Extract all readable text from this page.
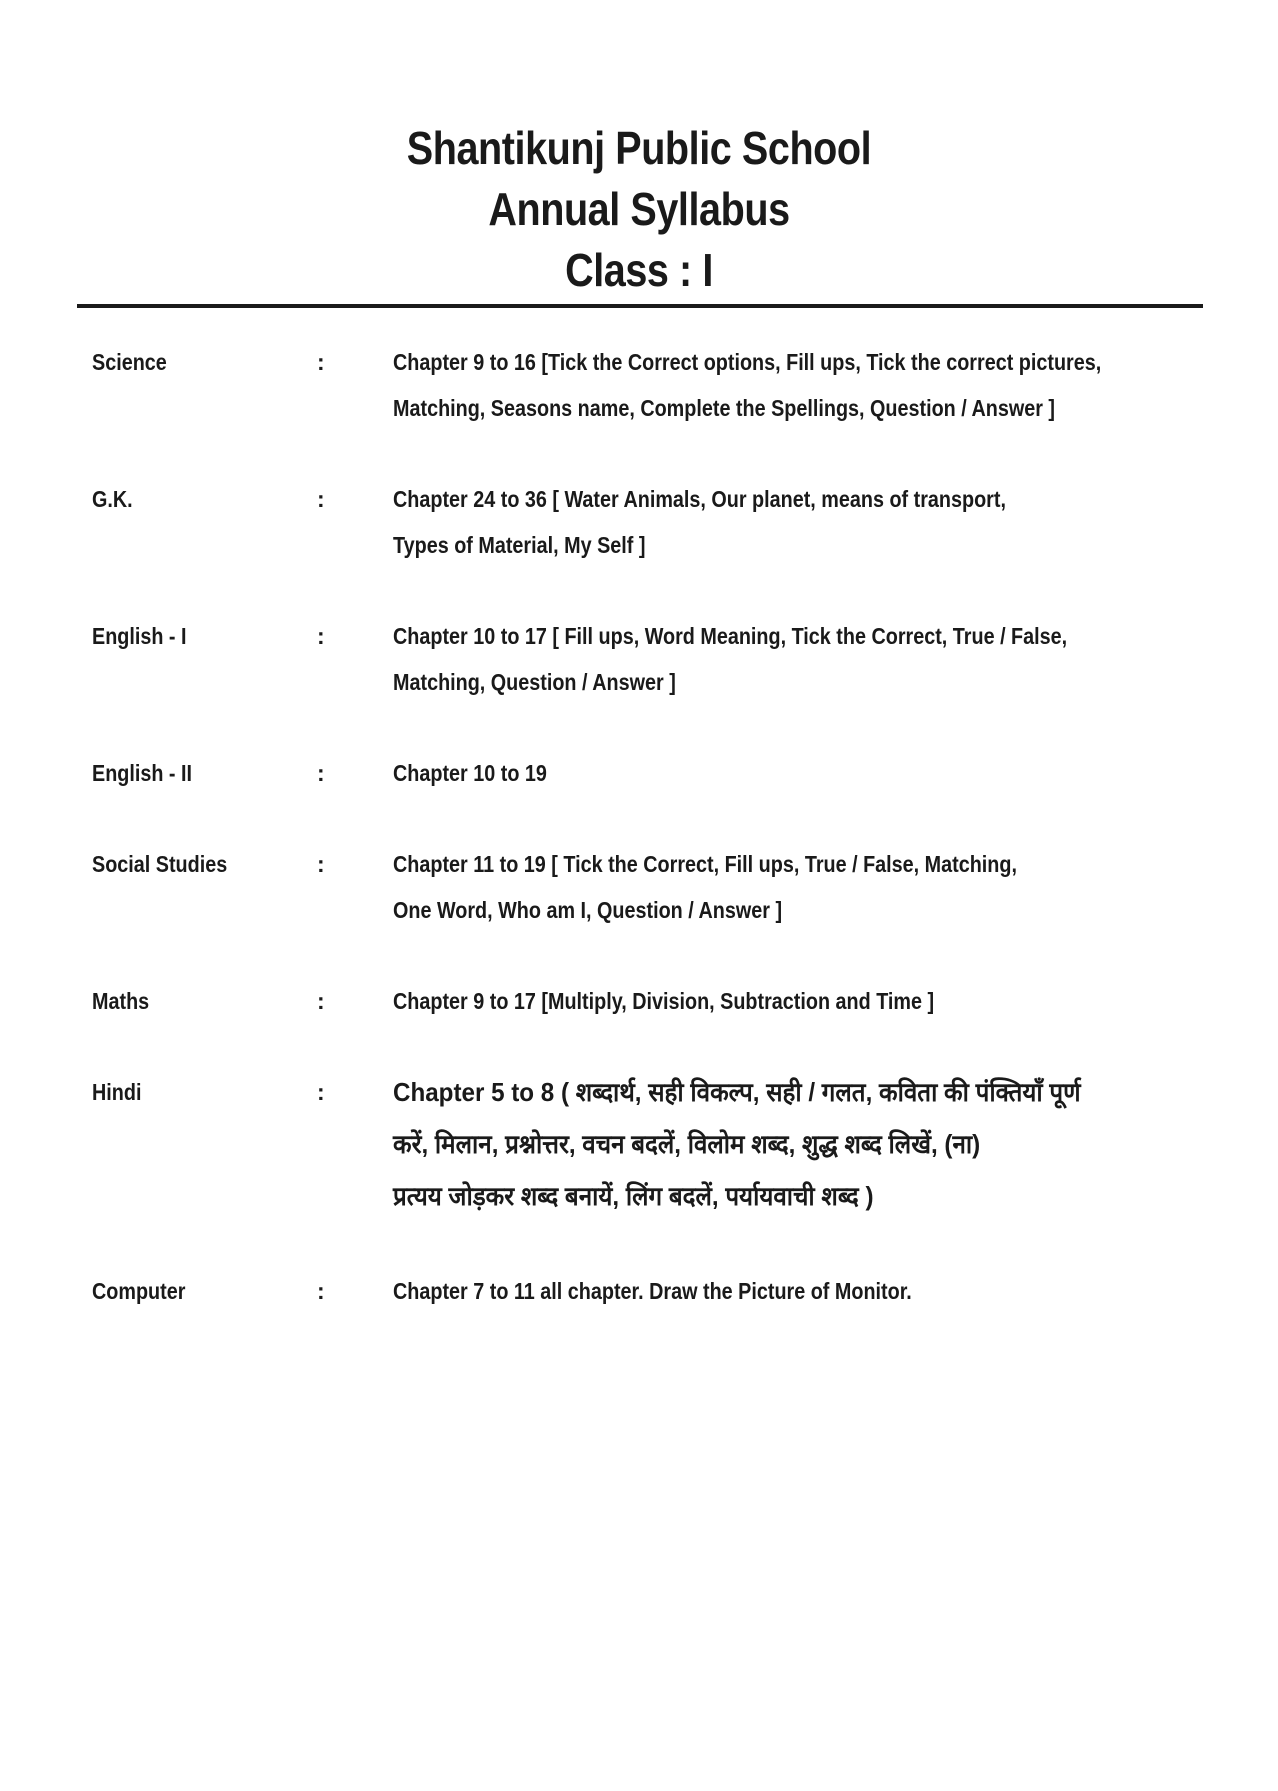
Shantikunj Public School
Annual Syllabus
Class : I
Science	:	Chapter 9 to 16 [Tick the Correct options, Fill ups, Tick the correct pictures,
Matching, Seasons name, Complete the Spellings, Question / Answer ]
G.K.	:	Chapter 24 to 36 [ Water Animals, Our planet, means of transport,
Types of Material, My Self ]
English - I	:	Chapter 10 to 17 [ Fill ups, Word Meaning, Tick the Correct, True / False,
Matching, Question / Answer ]
English - II	:	Chapter 10 to 19
Social Studies	:	Chapter 11 to 19 [ Tick the Correct, Fill ups, True / False, Matching,
One Word, Who am I, Question / Answer ]
Maths	:	Chapter 9 to 17 [Multiply, Division, Subtraction and Time ]
Hindi	:	Chapter 5 to 8 ( शब्दार्थ, सही विकल्प, सही / गलत, कविता की पंक्तियाँ पूर्ण
करें, मिलान, प्रश्नोत्तर, वचन बदलें, विलोम शब्द, शुद्ध शब्द लिखें, (ना)
प्रत्यय जोड़कर शब्द बनायें, लिंग बदलें, पर्यायवाची शब्द )
Computer	:	Chapter 7 to 11 all chapter. Draw the Picture of Monitor.
